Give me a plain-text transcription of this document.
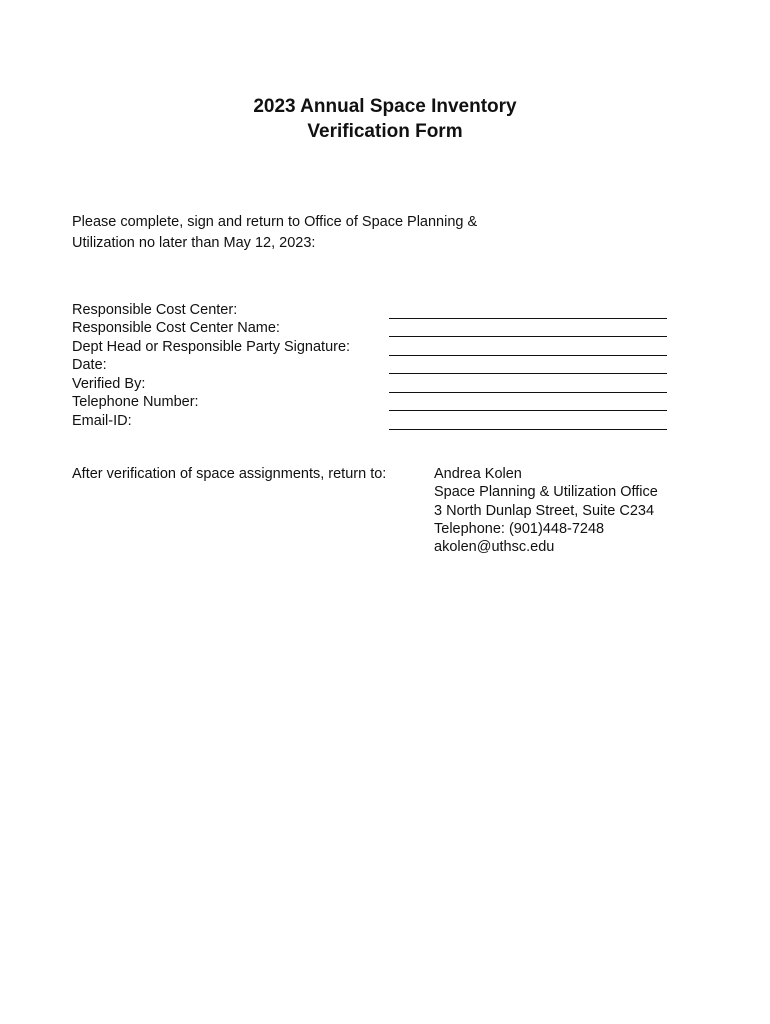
2023 Annual Space Inventory
Verification Form
Please complete, sign and return to Office of Space Planning &
Utilization no later than May 12, 2023:
Responsible Cost Center:
Responsible Cost Center Name:
Dept Head or Responsible Party Signature:
Date:
Verified By:
Telephone Number:
Email-ID:
After verification of space assignments, return to:	Andrea Kolen
Space Planning & Utilization Office
3 North Dunlap Street, Suite C234
Telephone: (901)448-7248
akolen@uthsc.edu
